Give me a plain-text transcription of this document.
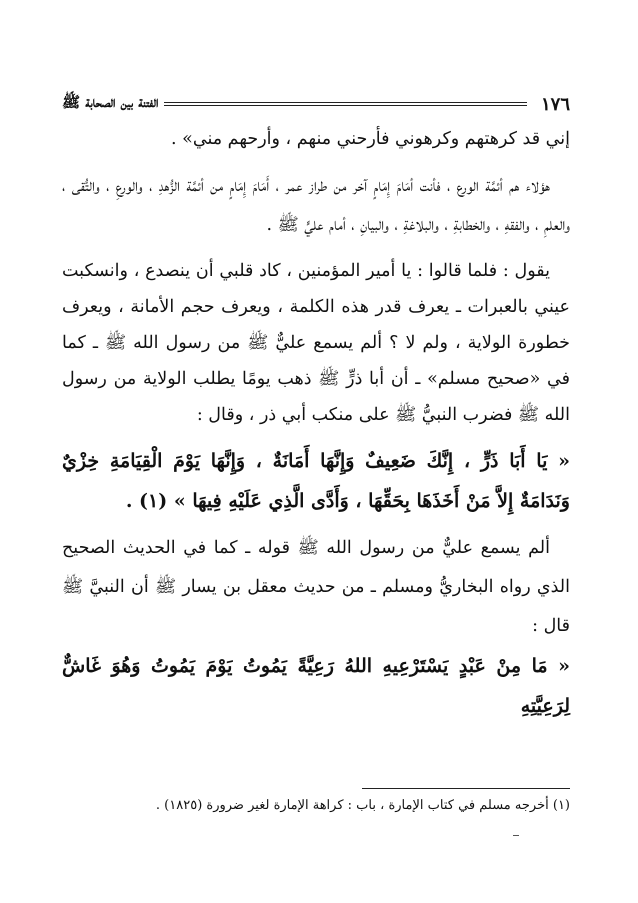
١٧٦
الفتنة بين الصحابة ﷺ

إني قد كرهتهم وكرهوني فأرحني منهم ، وأرحهم مني» .

هؤلاء هم أئمَّة الورع ، فأنت أمَامَ إِمَامٍ آخر من طراز عمر ، أَمَامَ إِمَامٍ من أئمَّة الزُّهدِ ، والورعِ ، والتُّقى ، والعلمِ ، والفقهِ ، والخطابةِ ، والبلاغةِ ، والبيانِ ، أمام عليٍّ ﷺ .

يقول : فلما قالوا : يا أمير المؤمنين ، كاد قلبي أن ينصدع ، وانسكبت عيني بالعبرات ـ يعرف قدر هذه الكلمة ، ويعرف حجم الأمانة ، ويعرف خطورة الولاية ، ولم لا ؟ ألم يسمع عليٌّ ﷺ من رسول الله ﷺ ـ كما في «صحيح مسلم» ـ أن أبا ذرٍّ ﷺ ذهب يومًا يطلب الولاية من رسول الله ﷺ فضرب النبيُّ ﷺ على منكب أبي ذر ، وقال :

« يَا أَبَا ذَرٍّ ، إِنَّكَ ضَعِيفٌ وَإِنَّهَا أَمَانَةٌ ، وَإِنَّهَا يَوْمَ الْقِيَامَةِ خِزْيٌ وَنَدَامَةٌ إِلاَّ مَنْ أَخَذَهَا بِحَقِّهَا ، وَأَدَّى الَّذِي عَلَيْهِ فِيهَا » (١) .

ألم يسمع عليٌّ من رسول الله ﷺ قوله ـ كما في الحديث الصحيح الذي رواه البخاريُّ ومسلم ـ من حديث معقل بن يسار ﷺ أن النبيَّ ﷺ قال :

« مَا مِنْ عَبْدٍ يَسْتَرْعِيهِ اللهُ رَعِيَّةً يَمُوتُ يَوْمَ يَمُوتُ وَهُوَ غَاشٌّ لِرَعِيَّتِهِ

(١) أخرجه مسلم في كتاب الإمارة ، باب : كراهة الإمارة لغير ضرورة (١٨٢٥) .
